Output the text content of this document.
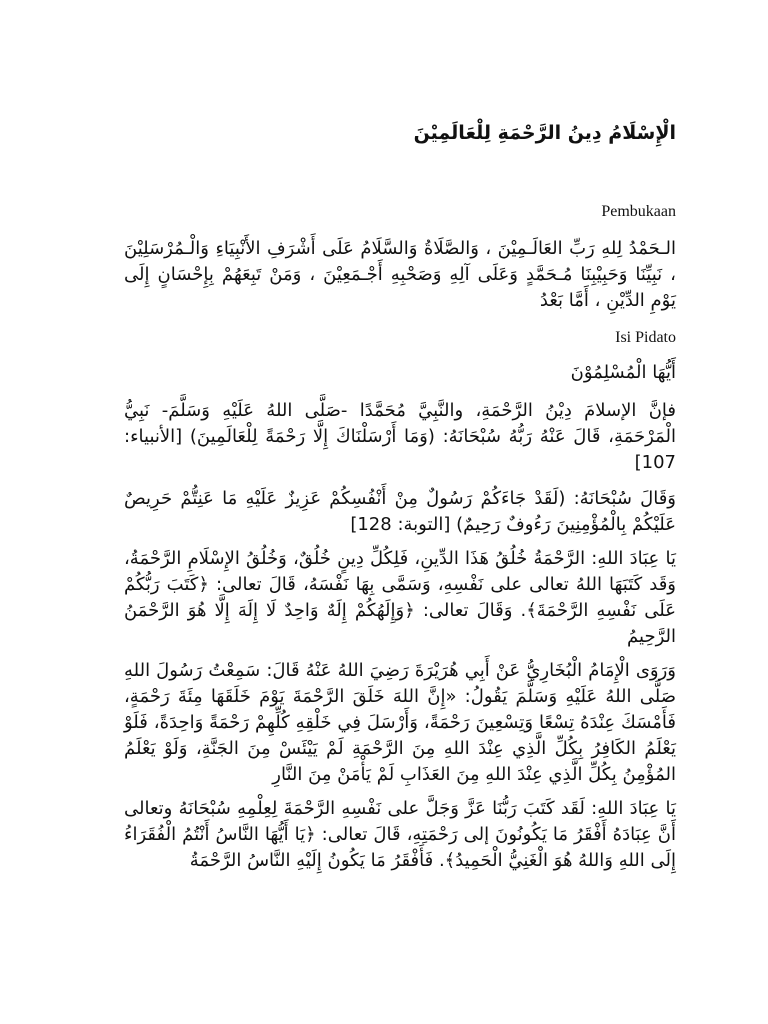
الْإِسْلَامُ دِينُ الرَّحْمَةِ لِلْعَالَمِيْنَ

Pembukaan

الـحَمْدُ لِلهِ رَبِّ العَالَـمِيْنَ ، وَالصَّلَاةُ وَالسَّلَامُ عَلَى أَشْرَفِ الأَنْبِيَاءِ وَالْـمُرْسَلِيْنَ ، نَبِيِّنَا وَحَبِيْبِنَا مُـحَمَّدٍ وَعَلَى آلِهِ وَصَحْبِهِ أَجْـمَعِيْنَ ، وَمَنْ تَبِعَهُمْ بِإِحْسَانٍ إِلَى يَوْمِ الدِّيْنِ ، أَمَّا بَعْدُ

Isi Pidato

أَيُّهَا الْمُسْلِمُوْنَ

فإنَّ الإسلامَ دِيْنُ الرَّحْمَةِ، والنَّبِيَّ مُحَمَّدًا -صَلَّى اللهُ عَلَيْهِ وَسَلَّمَ- نَبِيُّ الْمَرْحَمَةِ، قَالَ عَنْهُ رَبُّهُ سُبْحَانَهُ: (وَمَا أَرْسَلْنَاكَ إِلَّا رَحْمَةً لِلْعَالَمِينَ) [الأنبياء: 107]

وَقَالَ سُبْحَانَهُ: (لَقَدْ جَاءَكُمْ رَسُولٌ مِنْ أَنْفُسِكُمْ عَزِيزٌ عَلَيْهِ مَا عَنِتُّمْ حَرِيصٌ عَلَيْكُمْ بِالْمُؤْمِنِينَ رَءُوفٌ رَحِيمٌ) [التوبة: 128]

يَا عِبَادَ اللهِ: الرَّحْمَةُ خُلُقُ هَذَا الدِّينِ، فَلِكُلِّ دِينٍ خُلُقٌ، وَخُلُقُ الإِسْلَامِ الرَّحْمَةُ، وَقَد كَتَبَهَا اللهُ تعالى على نَفْسِهِ، وَسَمَّى بِهَا نَفْسَهُ، قَالَ تعالى: ﴿كَتَبَ رَبُّكُمْ عَلَى نَفْسِهِ الرَّحْمَةَ﴾. وَقَالَ تعالى: ﴿وَإِلَهُكُمْ إِلَهٌ وَاحِدٌ لَا إِلَهَ إِلَّا هُوَ الرَّحْمَنُ الرَّحِيمُ

وَرَوَى الْإِمَامُ الْبُخَارِيُّ عَنْ أَبِي هُرَيْرَةَ رَضِيَ اللهُ عَنْهُ قَالَ: سَمِعْتُ رَسُولَ اللهِ صَلَّى اللهُ عَلَيْهِ وَسَلَّمَ يَقُولُ: «إِنَّ اللهَ خَلَقَ الرَّحْمَةَ يَوْمَ خَلَقَهَا مِئَةَ رَحْمَةٍ، فَأَمْسَكَ عِنْدَهُ تِسْعًا وَتِسْعِينَ رَحْمَةً، وَأَرْسَلَ فِي خَلْقِهِ كُلِّهِمْ رَحْمَةً وَاحِدَةً، فَلَوْ يَعْلَمُ الكَافِرُ بِكُلِّ الَّذِي عِنْدَ اللهِ مِنَ الرَّحْمَةِ لَمْ يَيْئَسْ مِنَ الجَنَّةِ، وَلَوْ يَعْلَمُ المُؤْمِنُ بِكُلِّ الَّذِي عِنْدَ اللهِ مِنَ العَذَابِ لَمْ يَأْمَنْ مِنَ النَّارِ

يَا عِبَادَ اللهِ: لَقَد كَتَبَ رَبُّنَا عَزَّ وَجَلَّ على نَفْسِهِ الرَّحْمَةَ لِعِلْمِهِ سُبْحَانَهُ وتعالى أَنَّ عِبَادَهُ أَفْقَرُ مَا يَكُونُونَ إلى رَحْمَتِهِ، قَالَ تعالى: ﴿يَا أَيُّهَا النَّاسُ أَنْتُمُ الْفُقَرَاءُ إِلَى اللهِ وَاللهُ هُوَ الْغَنِيُّ الْحَمِيدُ﴾. فَأَفْقَرُ مَا يَكُونُ إِلَيْهِ النَّاسُ الرَّحْمَةُ
